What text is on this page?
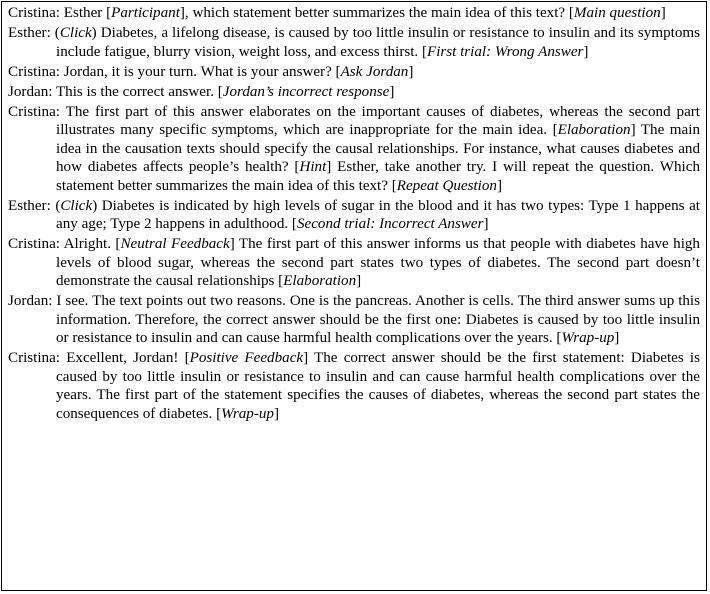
Cristina: Esther [Participant], which statement better summarizes the main idea of this text? [Main question]

Esther: (Click) Diabetes, a lifelong disease, is caused by too little insulin or resistance to insulin and its symptoms include fatigue, blurry vision, weight loss, and excess thirst. [First trial: Wrong Answer]

Cristina: Jordan, it is your turn. What is your answer? [Ask Jordan]

Jordan: This is the correct answer. [Jordan’s incorrect response]

Cristina: The first part of this answer elaborates on the important causes of diabetes, whereas the second part illustrates many specific symptoms, which are inappropriate for the main idea. [Elaboration] The main idea in the causation texts should specify the causal relationships. For instance, what causes diabetes and how diabetes affects people’s health? [Hint] Esther, take another try. I will repeat the question. Which statement better summarizes the main idea of this text? [Repeat Question]

Esther: (Click) Diabetes is indicated by high levels of sugar in the blood and it has two types: Type 1 happens at any age; Type 2 happens in adulthood. [Second trial: Incorrect Answer]

Cristina: Alright. [Neutral Feedback] The first part of this answer informs us that people with diabetes have high levels of blood sugar, whereas the second part states two types of diabetes. The second part doesn’t demonstrate the causal relationships [Elaboration]

Jordan: I see. The text points out two reasons. One is the pancreas. Another is cells. The third answer sums up this information. Therefore, the correct answer should be the first one: Diabetes is caused by too little insulin or resistance to insulin and can cause harmful health complications over the years. [Wrap-up]

Cristina: Excellent, Jordan! [Positive Feedback] The correct answer should be the first statement: Diabetes is caused by too little insulin or resistance to insulin and can cause harmful health complications over the years. The first part of the statement specifies the causes of diabetes, whereas the second part states the consequences of diabetes. [Wrap-up]
